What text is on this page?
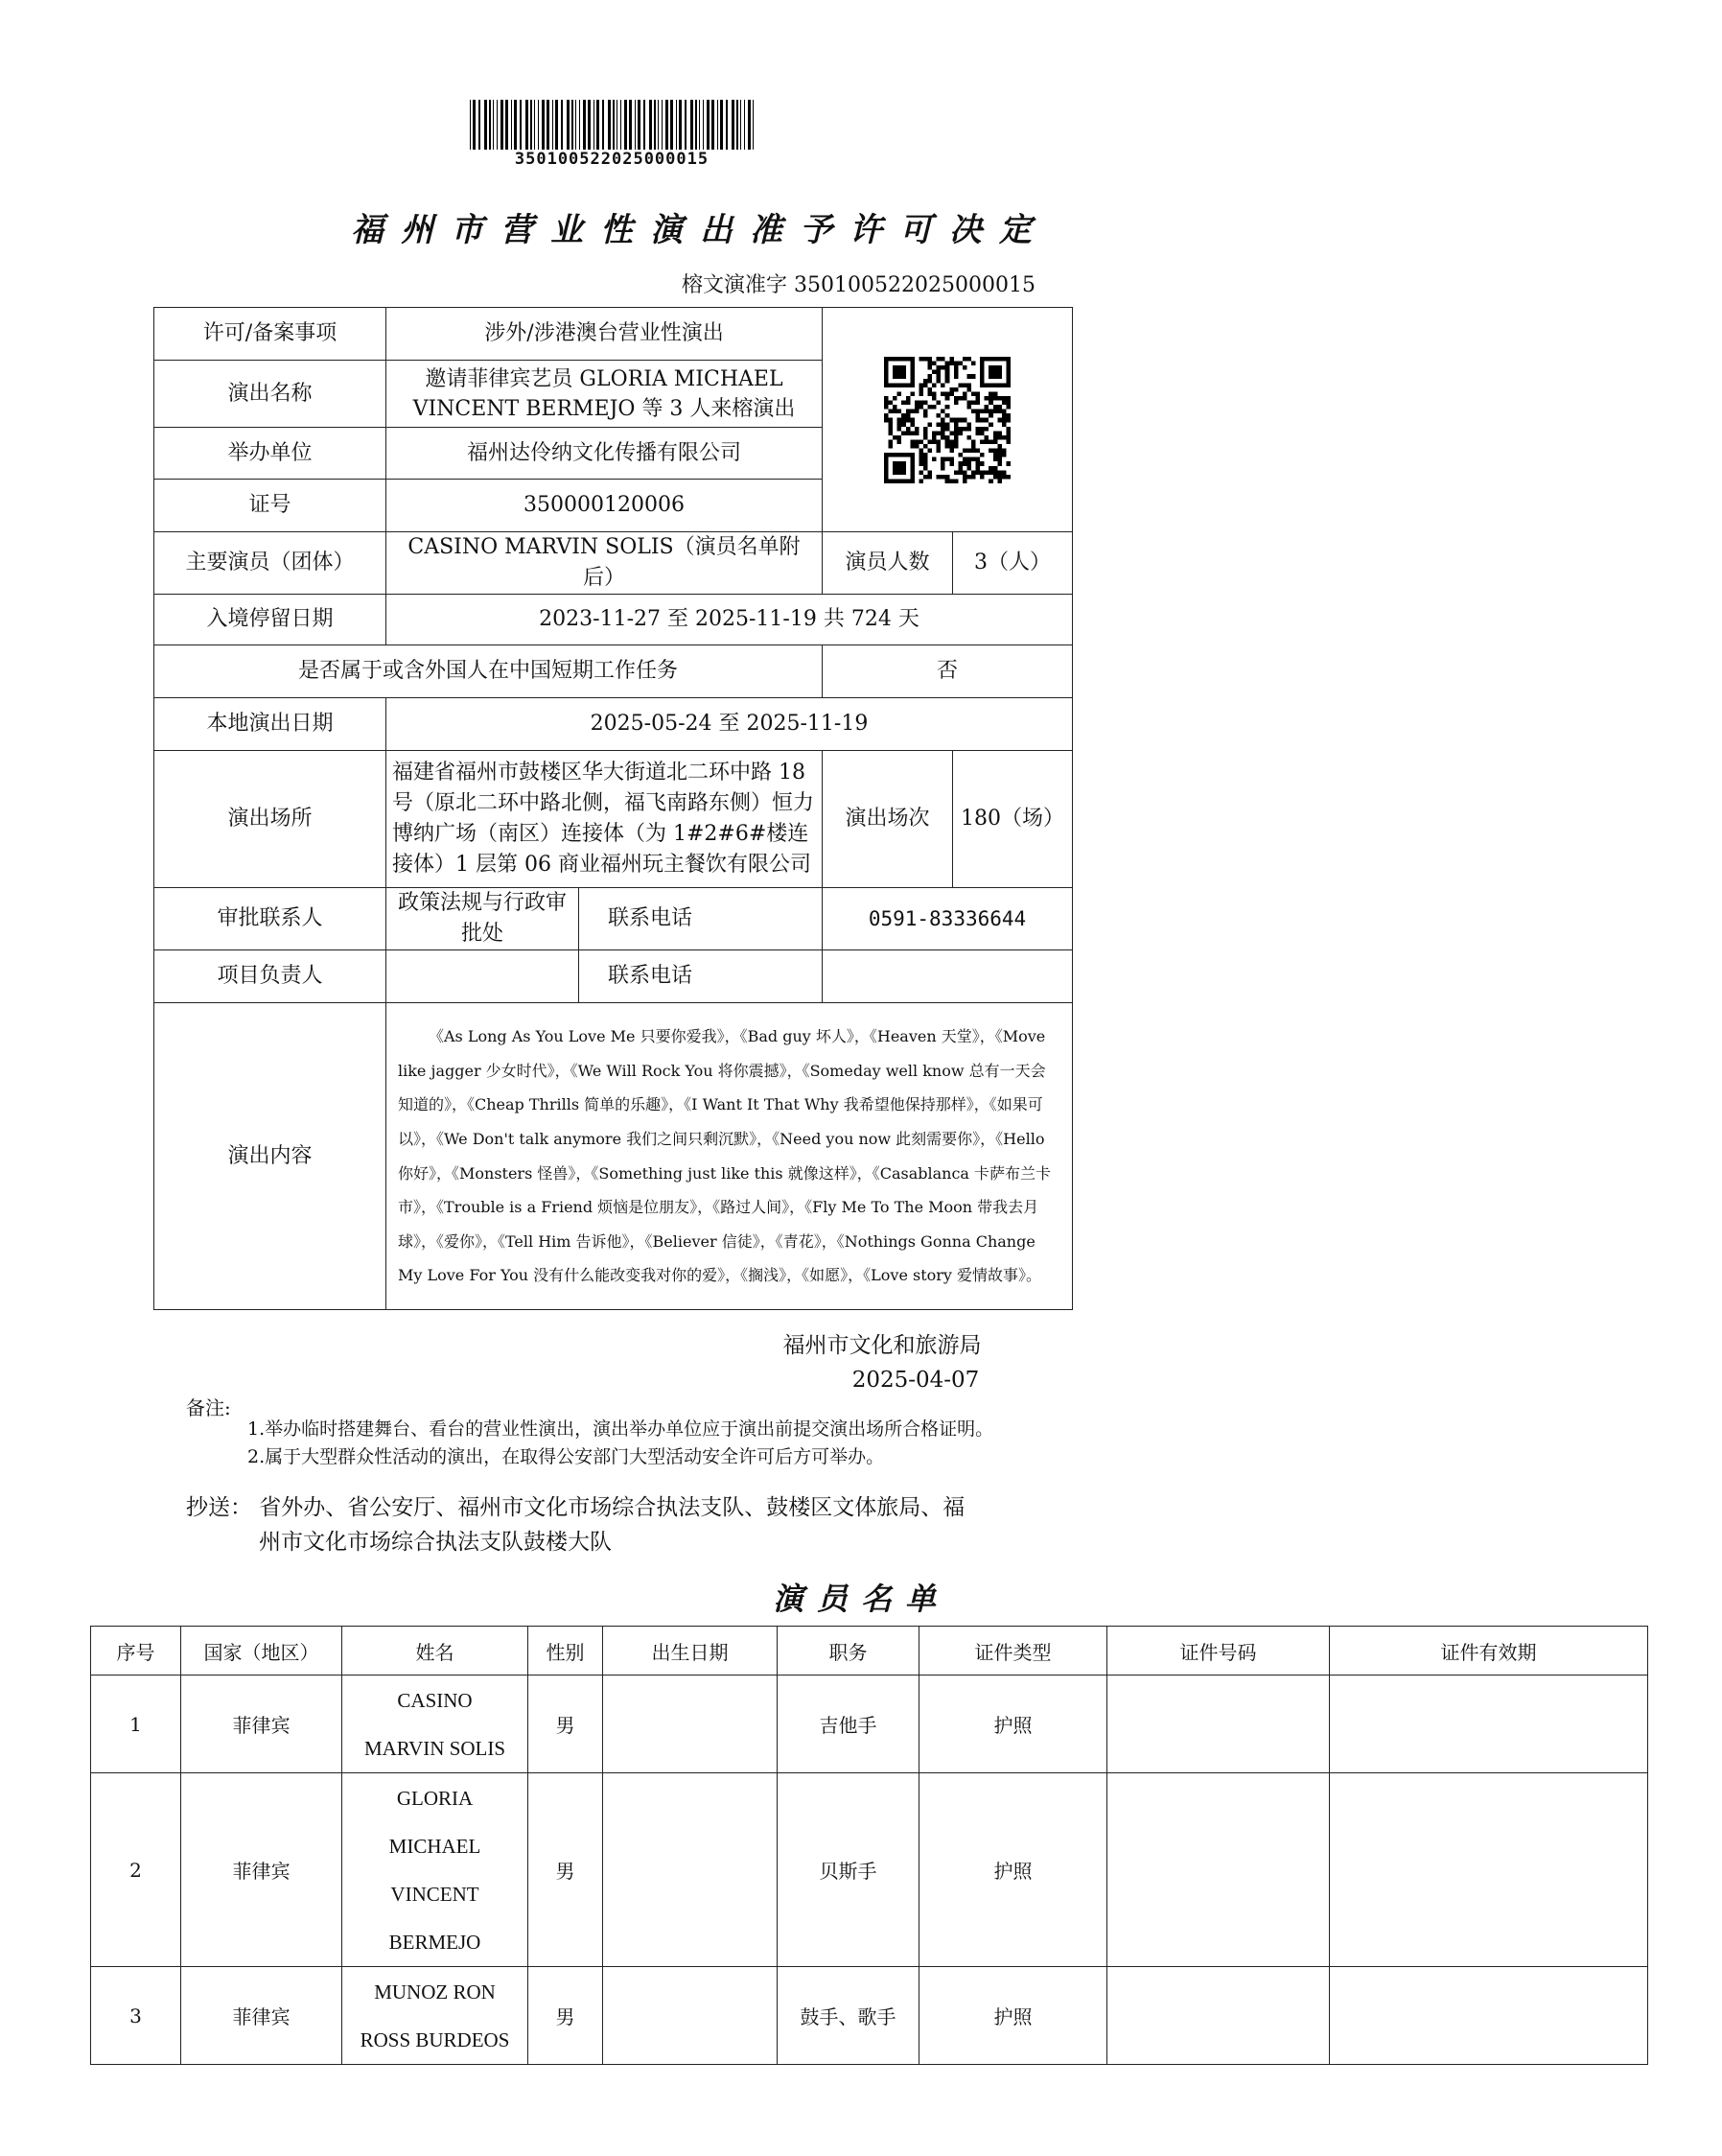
350100522025000015
福州市营业性演出准予许可决定
榕文演准字 350100522025000015
许可/备案事项	涉外/涉港澳台营业性演出	

演出名称	邀请菲律宾艺员 GLORIA MICHAEL
VINCENT BERMEJO 等 3 人来榕演出			
举办单位	福州达伶纳文化传播有限公司			
证号	350000120006			
主要演员（团体）	CASINO MARVIN SOLIS（演员名单附后）		演员人数	3（人）
入境停留日期	2023-11-27 至 2025-11-19 共 724 天			
是否属于或含外国人在中国短期工作任务			否	
本地演出日期	2025-05-24 至 2025-11-19			
演出场所	福建省福州市鼓楼区华大街道北二环中路 18 号（原北二环中路北侧，福飞南路东侧）恒力博纳广场（南区）连接体（为 1#2#6#楼连接体）1 层第 06 商业福州玩主餐饮有限公司		演出场次	180（场）
审批联系人	政策法规与行政审批处	联系电话	0591-83336644	
项目负责人		联系电话		
演出内容	《As Long As You Love Me 只要你爱我》，《Bad guy 坏人》，《Heaven 天堂》，《Move like jagger 少女时代》，《We Will Rock You 将你震撼》，《Someday well know 总有一天会知道的》，《Cheap Thrills 简单的乐趣》，《I Want It That Why 我希望他保持那样》，《如果可以》，《We Don't talk anymore 我们之间只剩沉默》，《Need you now 此刻需要你》，《Hello 你好》，《Monsters 怪兽》，《Something just like this 就像这样》，《Casablanca 卡萨布兰卡市》，《Trouble is a Friend 烦恼是位朋友》，《路过人间》，《Fly Me To The Moon 带我去月球》，《爱你》，《Tell Him 告诉他》，《Believer 信徒》，《青花》，《Nothings Gonna Change My Love For You 没有什么能改变我对你的爱》，《搁浅》，《如愿》，《Love story 爱情故事》。			
福州市文化和旅游局
2025-04-07
备注:
1.举办临时搭建舞台、看台的营业性演出，演出举办单位应于演出前提交演出场所合格证明。
2.属于大型群众性活动的演出，在取得公安部门大型活动安全许可后方可举办。
抄送： 省外办、省公安厅、福州市文化市场综合执法支队、鼓楼区文体旅局、福
州市文化市场综合执法支队鼓楼大队
演员名单
序号	国家（地区）	姓名	性别	出生日期	职务	证件类型	证件号码	证件有效期
1	菲律宾	CASINO
MARVIN SOLIS	男		吉他手	护照		
2	菲律宾	GLORIA
MICHAEL
VINCENT
BERMEJO	男		贝斯手	护照		
3	菲律宾	MUNOZ RON
ROSS BURDEOS	男		鼓手、歌手	护照		
